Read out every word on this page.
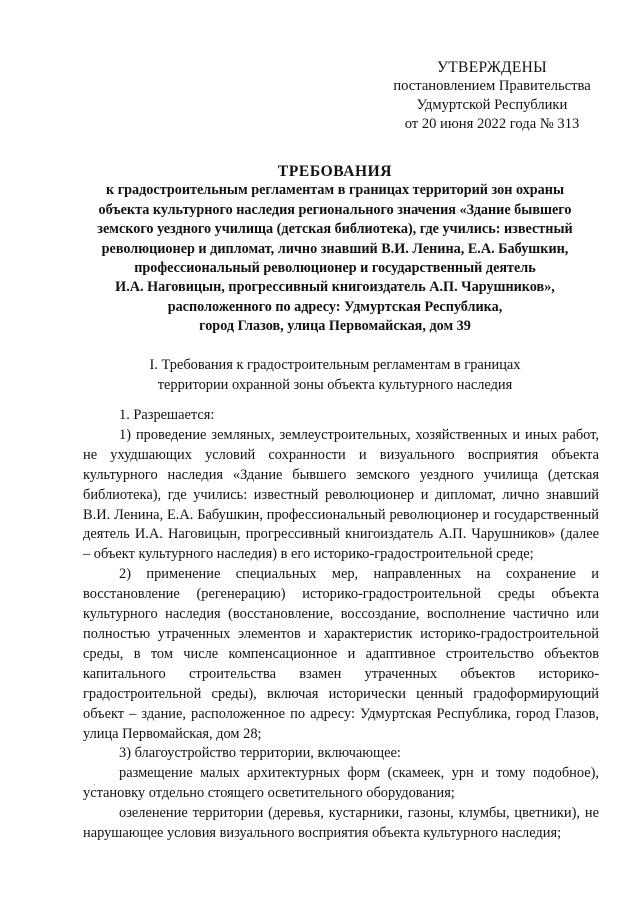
УТВЕРЖДЕНЫ
постановлением Правительства
Удмуртской Республики
от 20 июня 2022 года № 313
ТРЕБОВАНИЯ
к градостроительным регламентам в границах территорий зон охраны
объекта культурного наследия регионального значения «Здание бывшего
земского уездного училища (детская библиотека), где учились: известный
революционер и дипломат, лично знавший В.И. Ленина, Е.А. Бабушкин,
профессиональный революционер и государственный деятель
И.А. Наговицын, прогрессивный книгоиздатель А.П. Чарушников»,
расположенного по адресу: Удмуртская Республика,
город Глазов, улица Первомайская, дом 39
I. Требования к градостроительным регламентам в границах
территории охранной зоны объекта культурного наследия

1. Разрешается:

1) проведение земляных, землеустроительных, хозяйственных и иных работ, не ухудшающих условий сохранности и визуального восприятия объекта культурного наследия «Здание бывшего земского уездного училища (детская библиотека), где учились: известный революционер и дипломат, лично знавший В.И. Ленина, Е.А. Бабушкин, профессиональный революционер и государственный деятель И.А. Наговицын, прогрессивный книгоиздатель А.П. Чарушников» (далее – объект культурного наследия) в его историко-градостроительной среде;

2) применение специальных мер, направленных на сохранение и восстановление (регенерацию) историко-градостроительной среды объекта культурного наследия (восстановление, воссоздание, восполнение частично или полностью утраченных элементов и характеристик историко-градостроительной среды, в том числе компенсационное и адаптивное строительство объектов капитального строительства взамен утраченных объектов историко-градостроительной среды), включая исторически ценный градоформирующий объект – здание, расположенное по адресу: Удмуртская Республика, город Глазов, улица Первомайская, дом 28;

3) благоустройство территории, включающее:

размещение малых архитектурных форм (скамеек, урн и тому подобное), установку отдельно стоящего осветительного оборудования;

озеленение территории (деревья, кустарники, газоны, клумбы, цветники), не нарушающее условия визуального восприятия объекта культурного наследия;
